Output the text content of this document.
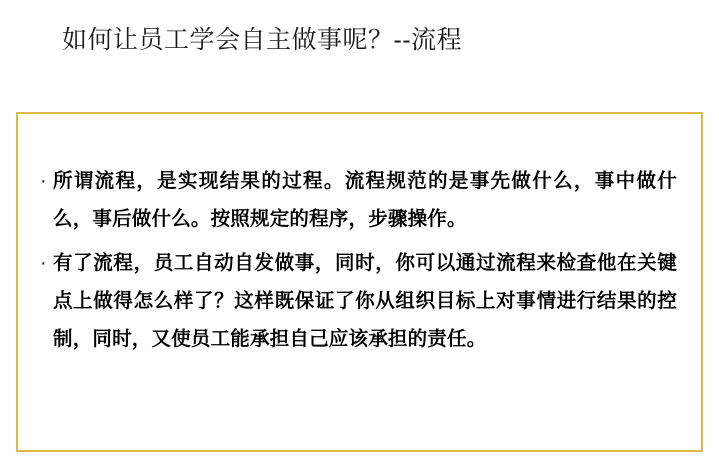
如何让员工学会自主做事呢？--流程
· 所谓流程，是实现结果的过程。流程规范的是事先做什么，事中做什么，事后做什么。按照规定的程序，步骤操作。
· 有了流程，员工自动自发做事，同时，你可以通过流程来检查他在关键点上做得怎么样了？这样既保证了你从组织目标上对事情进行结果的控制，同时，又使员工能承担自己应该承担的责任。
